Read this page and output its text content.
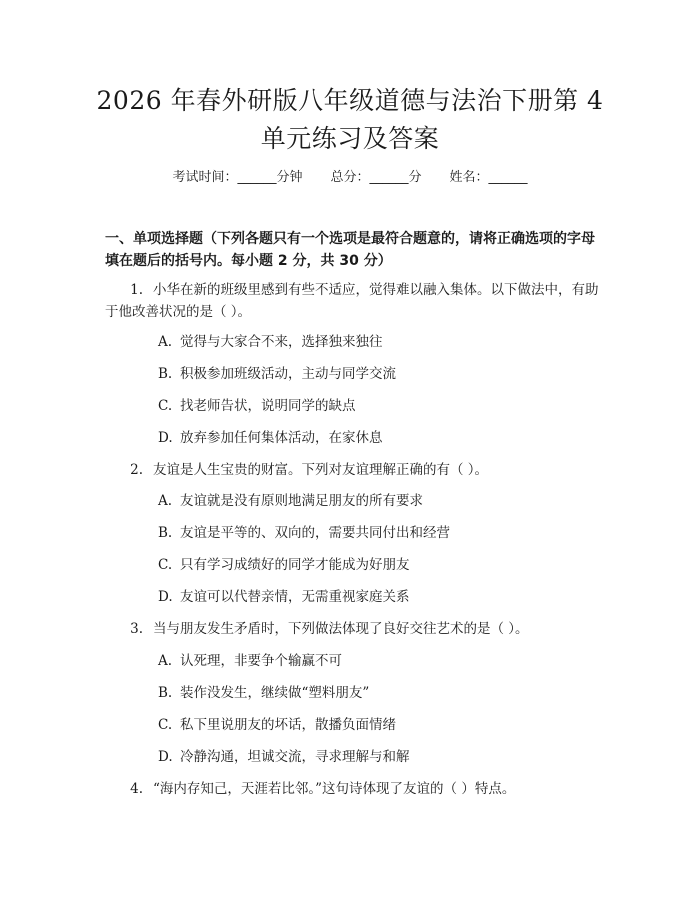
2026 年春外研版八年级道德与法治下册第 4
单元练习及答案
考试时间：______分钟 总分：______分 姓名：______
一、单项选择题（下列各题只有一个选项是最符合题意的，请将正确选项的字母填在题后的括号内。每小题 2 分，共 30 分）
1. 小华在新的班级里感到有些不适应，觉得难以融入集体。以下做法中，有助于他改善状况的是（ ）。
A. 觉得与大家合不来，选择独来独往
B. 积极参加班级活动，主动与同学交流
C. 找老师告状，说明同学的缺点
D. 放弃参加任何集体活动，在家休息
2. 友谊是人生宝贵的财富。下列对友谊理解正确的有（ ）。
A. 友谊就是没有原则地满足朋友的所有要求
B. 友谊是平等的、双向的，需要共同付出和经营
C. 只有学习成绩好的同学才能成为好朋友
D. 友谊可以代替亲情，无需重视家庭关系
3. 当与朋友发生矛盾时，下列做法体现了良好交往艺术的是（ ）。
A. 认死理，非要争个输赢不可
B. 装作没发生，继续做“塑料朋友”
C. 私下里说朋友的坏话，散播负面情绪
D. 冷静沟通，坦诚交流，寻求理解与和解
4. “海内存知己，天涯若比邻。”这句诗体现了友谊的（ ）特点。
